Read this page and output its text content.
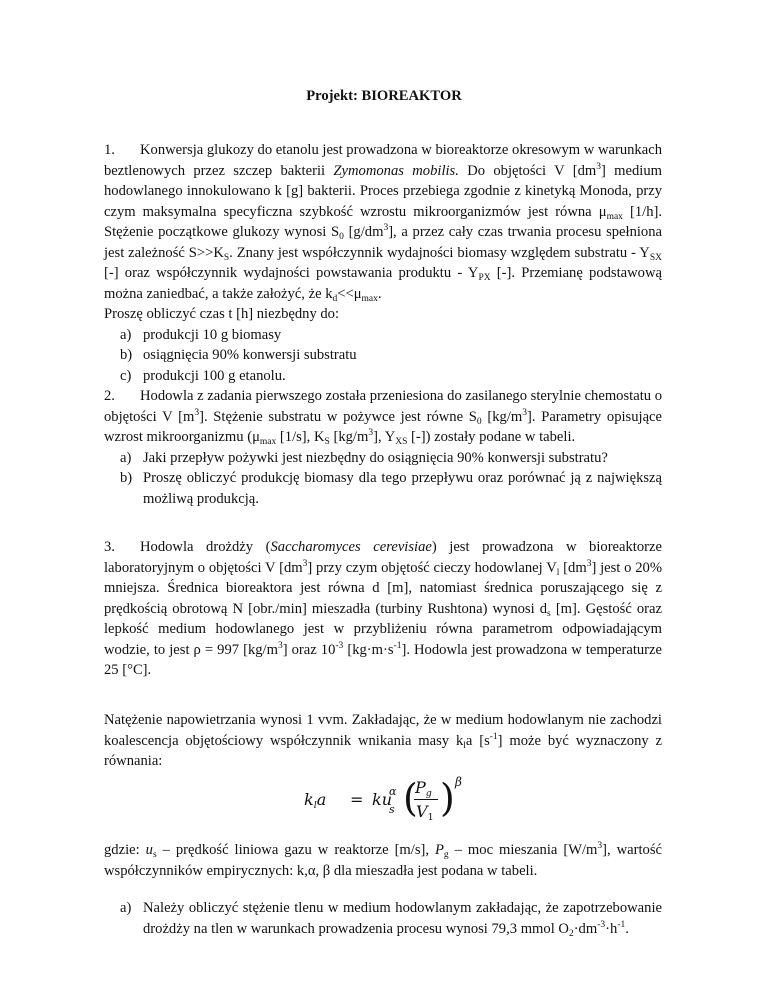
Projekt: BIOREAKTOR

1. Konwersja glukozy do etanolu jest prowadzona w bioreaktorze okresowym w warunkach beztlenowych przez szczep bakterii Zymomonas mobilis. Do objętości V $[dm^3]$ medium hodowlanego innokulowano k [g] bakterii. Proces przebiega zgodnie z kinetyką Monoda, przy czym maksymalna specyficzna szybkość wzrostu mikroorganizmów jest równa $\mu_{max}$ [1/h]. Stężenie początkowe glukozy wynosi $S_0$ $[g/dm^3]$, a przez cały czas trwania procesu spełniona jest zależność $S>>K_S$. Znany jest współczynnik wydajności biomasy względem substratu - $Y_{SX}$ [-] oraz współczynnik wydajności powstawania produktu - $Y_{PX}$ [-]. Przemianę podstawową można zaniedbać, a także założyć, że $k_d<<\mu_{max}$.

Proszę obliczyć czas t [h] niezbędny do:

a) produkcji 10 g biomasy
b) osiągnięcia 90% konwersji substratu
c) produkcji 100 g etanolu.

2. Hodowla z zadania pierwszego została przeniesiona do zasilanego sterylnie chemostatu o objętości V $[m^3]$. Stężenie substratu w pożywce jest równe $S_0$ $[kg/m^3]$. Parametry opisujące wzrost mikroorganizmu ($\mu_{max}$ [1/s], $K_S$ $[kg/m^3]$, $Y_{XS}$ [-]) zostały podane w tabeli.

a) Jaki przepływ pożywki jest niezbędny do osiągnięcia 90% konwersji substratu?
b) Proszę obliczyć produkcję biomasy dla tego przepływu oraz porównać ją z największą możliwą produkcją.

3. Hodowla drożdży (Saccharomyces cerevisiae) jest prowadzona w bioreaktorze laboratoryjnym o objętości V $[dm^3]$ przy czym objętość cieczy hodowlanej $V_l$ $[dm^3]$ jest o 20% mniejsza. Średnica bioreaktora jest równa d [m], natomiast średnica poruszającego się z prędkością obrotową N [obr./min] mieszadła (turbiny Rushtona) wynosi $d_s$ [m]. Gęstość oraz lepkość medium hodowlanego jest w przybliżeniu równa parametrom odpowiadającym wodzie, to jest ρ = 997 $[kg/m^3]$ oraz $10^{-3}$ $[kg\cdot m\cdot s^{-1}]$. Hodowla jest prowadzona w temperaturze 25 [°C].

Natężenie napowietrzania wynosi 1 vvm. Zakładając, że w medium hodowlanym nie zachodzi koalescencja objętościowy współczynnik wnikania masy $k_la$ $[s^{-1}]$ może być wyznaczony z równania:

$k_la$ = ku
α
s (
$P_g$
$V_1$ ) β

gdzie: $u_s$ – prędkość liniowa gazu w reaktorze [m/s], $P_g$ – moc mieszania $[W/m^3]$, wartość współczynników empirycznych: k,α, β dla mieszadła jest podana w tabeli.

a) Należy obliczyć stężenie tlenu w medium hodowlanym zakładając, że zapotrzebowanie drożdży na tlen w warunkach prowadzenia procesu wynosi 79,3 mmol $O_2\cdot dm^{-3}\cdot h^{-1}$.
